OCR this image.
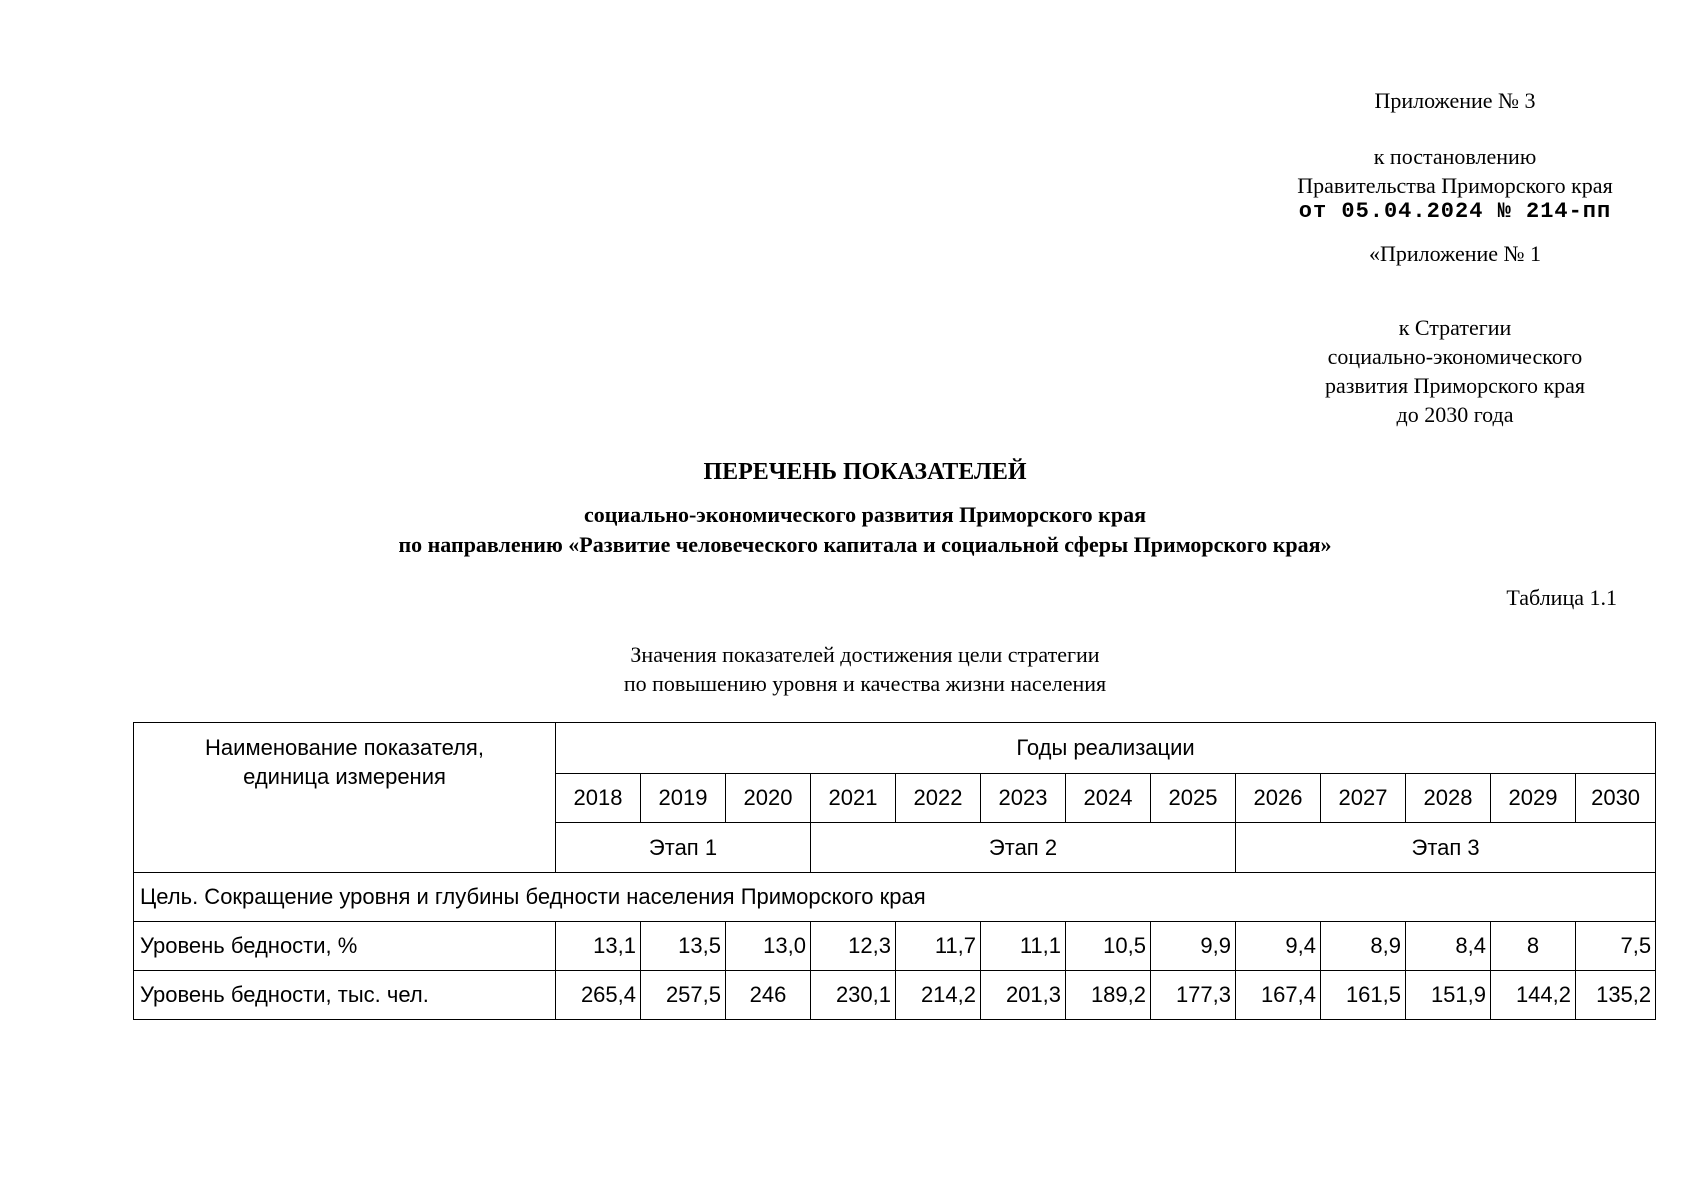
Приложение № 3
к постановлению
Правительства Приморского края
от 05.04.2024 № 214-пп
«Приложение № 1
к Стратегии
социально-экономического
развития Приморского края
до 2030 года
ПЕРЕЧЕНЬ ПОКАЗАТЕЛЕЙ
социально-экономического развития Приморского края
по направлению «Развитие человеческого капитала и социальной сферы Приморского края»
Таблица 1.1
Значения показателей достижения цели стратегии
по повышению уровня и качества жизни населения
Наименование показателя,
единица измерения	Годы реализации												
	2018	2019	2020	2021	2022	2023	2024	2025	2026	2027	2028	2029	2030
	Этап 1			Этап 2					Этап 3				
Цель. Сокращение уровня и глубины бедности населения Приморского края													
Уровень бедности, %	13,1	13,5	13,0	12,3	11,7	11,1	10,5	9,9	9,4	8,9	8,4	8	7,5
Уровень бедности, тыс. чел.	265,4	257,5	246	230,1	214,2	201,3	189,2	177,3	167,4	161,5	151,9	144,2	135,2
